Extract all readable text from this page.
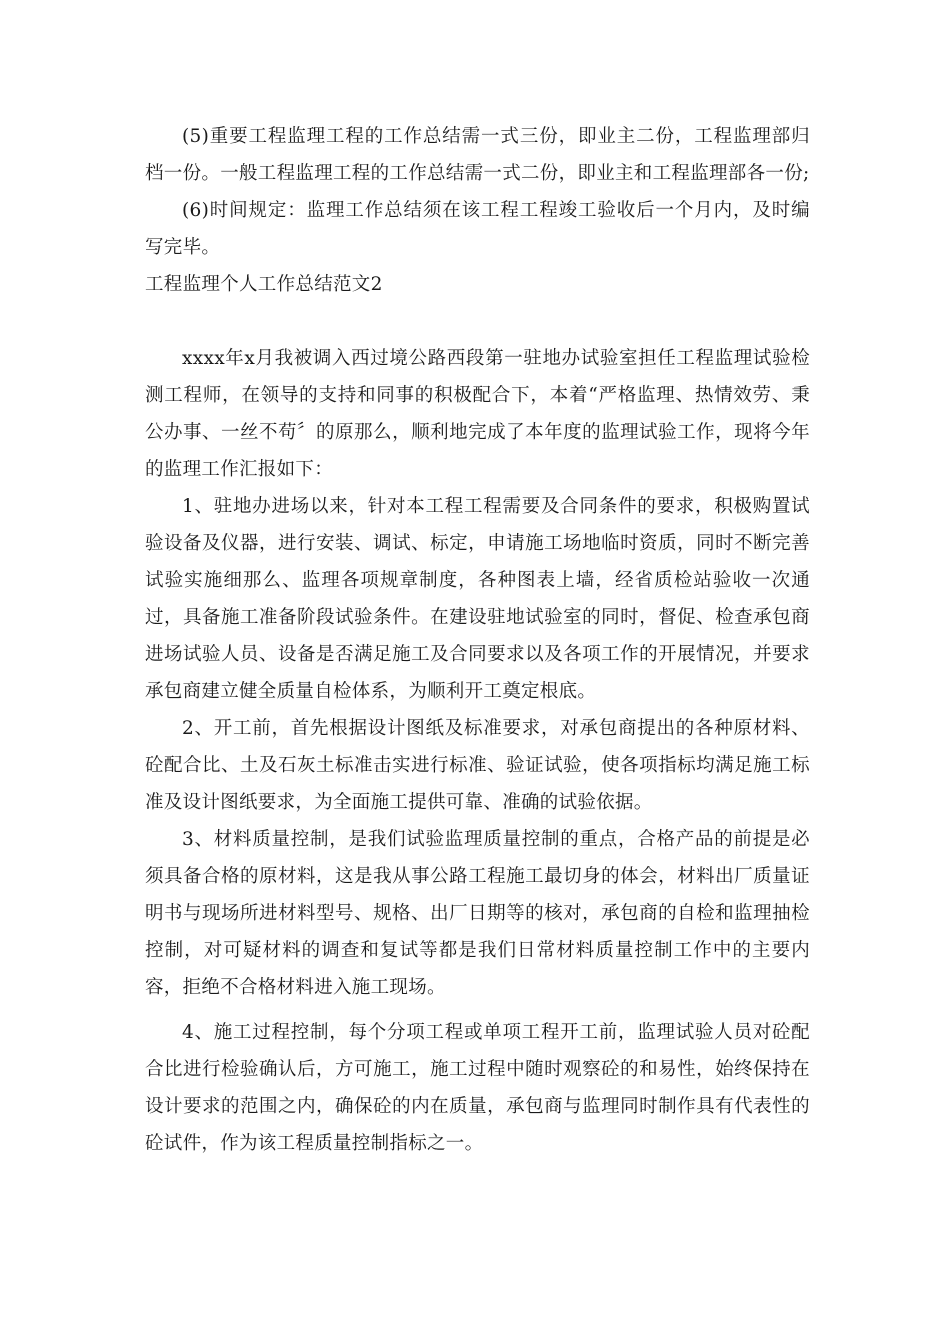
(5)重要工程监理工程的工作总结需一式三份，即业主二份，工程监理部归档一份。一般工程监理工程的工作总结需一式二份，即业主和工程监理部各一份;

(6)时间规定：监理工作总结须在该工程工程竣工验收后一个月内，及时编写完毕。

工程监理个人工作总结范文2

xxxx年x月我被调入西过境公路西段第一驻地办试验室担任工程监理试验检测工程师，在领导的支持和同事的积极配合下，本着“严格监理、热情效劳、秉公办事、一丝不苟〞的原那么，顺利地完成了本年度的监理试验工作，现将今年的监理工作汇报如下：

1、驻地办进场以来，针对本工程工程需要及合同条件的要求，积极购置试验设备及仪器，进行安装、调试、标定，申请施工场地临时资质，同时不断完善试验实施细那么、监理各项规章制度，各种图表上墙，经省质检站验收一次通过，具备施工准备阶段试验条件。在建设驻地试验室的同时，督促、检查承包商进场试验人员、设备是否满足施工及合同要求以及各项工作的开展情况，并要求承包商建立健全质量自检体系，为顺利开工奠定根底。

2、开工前，首先根据设计图纸及标准要求，对承包商提出的各种原材料、砼配合比、土及石灰土标准击实进行标准、验证试验，使各项指标均满足施工标准及设计图纸要求，为全面施工提供可靠、准确的试验依据。

3、材料质量控制，是我们试验监理质量控制的重点，合格产品的前提是必须具备合格的原材料，这是我从事公路工程施工最切身的体会，材料出厂质量证明书与现场所进材料型号、规格、出厂日期等的核对，承包商的自检和监理抽检控制，对可疑材料的调查和复试等都是我们日常材料质量控制工作中的主要内容，拒绝不合格材料进入施工现场。

4、施工过程控制，每个分项工程或单项工程开工前，监理试验人员对砼配合比进行检验确认后，方可施工，施工过程中随时观察砼的和易性，始终保持在设计要求的范围之内，确保砼的内在质量，承包商与监理同时制作具有代表性的砼试件，作为该工程质量控制指标之一。
